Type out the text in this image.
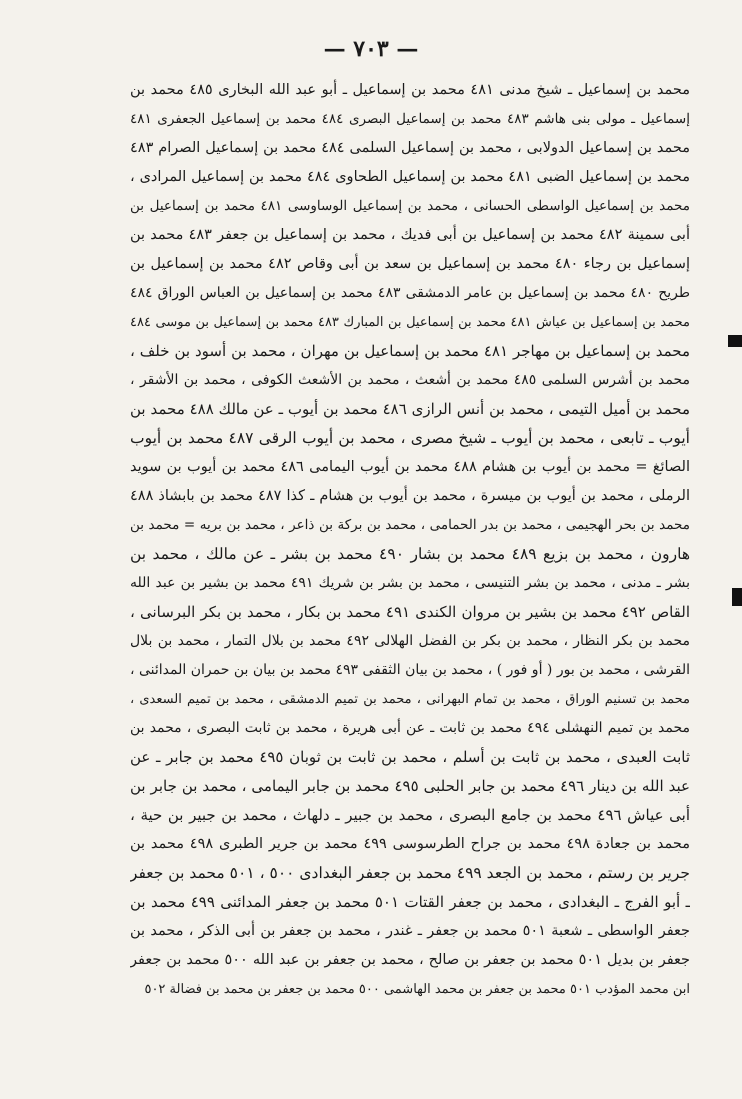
— ٧٠٣ —
محمد بن إسماعيل ـ شيخ مدنى ٤٨١ محمد بن إسماعيل ـ أبو عبد الله البخارى ٤٨٥ محمد بن
إسماعيل ـ مولى بنى هاشم ٤٨٣ محمد بن إسماعيل البصرى ٤٨٤ محمد بن إسماعيل الجعفرى ٤٨١
محمد بن إسماعيل الدولابى ، محمد بن إسماعيل السلمى ٤٨٤ محمد بن إسماعيل الصرام ٤٨٣
محمد بن إسماعيل الضبى ٤٨١ محمد بن إسماعيل الطحاوى ٤٨٤ محمد بن إسماعيل المرادى ،
محمد بن إسماعيل الواسطى الحسانى ، محمد بن إسماعيل الوساوسى ٤٨١ محمد بن إسماعيل بن
أبى سمينة ٤٨٢ محمد بن إسماعيل بن أبى فديك ، محمد بن إسماعيل بن جعفر ٤٨٣ محمد بن
إسماعيل بن رجاء ٤٨٠ محمد بن إسماعيل بن سعد بن أبى وقاص ٤٨٢ محمد بن إسماعيل بن
طريح ٤٨٠ محمد بن إسماعيل بن عامر الدمشقى ٤٨٣ محمد بن إسماعيل بن العباس الوراق ٤٨٤
محمد بن إسماعيل بن عياش ٤٨١ محمد بن إسماعيل بن المبارك ٤٨٣ محمد بن إسماعيل بن موسى ٤٨٤
محمد بن إسماعيل بن مهاجر ٤٨١ محمد بن إسماعيل بن مهران ، محمد بن أسود بن خلف ،
محمد بن أشرس السلمى ٤٨٥ محمد بن أشعث ، محمد بن الأشعث الكوفى ، محمد بن الأشقر ،
محمد بن أميل التيمى ، محمد بن أنس الرازى ٤٨٦ محمد بن أيوب ـ عن مالك ٤٨٨ محمد بن
أيوب ـ تابعى ، محمد بن أيوب ـ شيخ مصرى ، محمد بن أيوب الرقى ٤٨٧ محمد بن أيوب
الصائغ = محمد بن أيوب بن هشام ٤٨٨ محمد بن أيوب اليمامى ٤٨٦ محمد بن أيوب بن سويد
الرملى ، محمد بن أيوب بن ميسرة ، محمد بن أيوب بن هشام ـ كذا ٤٨٧ محمد بن بابشاذ ٤٨٨
محمد بن بحر الهجيمى ، محمد بن بدر الحمامى ، محمد بن بركة بن ذاعر ، محمد بن بريه = محمد بن
هارون ، محمد بن بزيع ٤٨٩ محمد بن بشار ٤٩٠ محمد بن بشر ـ عن مالك ، محمد بن
بشر ـ مدنى ، محمد بن بشر التنيسى ، محمد بن بشر بن شريك ٤٩١ محمد بن بشير بن عبد الله
القاص ٤٩٢ محمد بن بشير بن مروان الكندى ٤٩١ محمد بن بكار ، محمد بن بكر البرسانى ،
محمد بن بكر النظار ، محمد بن بكر بن الفضل الهلالى ٤٩٢ محمد بن بلال التمار ، محمد بن بلال
القرشى ، محمد بن بور ( أو فور ) ، محمد بن بيان الثقفى ٤٩٣ محمد بن بيان بن حمران المدائنى ،
محمد بن تسنيم الوراق ، محمد بن تمام البهرانى ، محمد بن تميم الدمشقى ، محمد بن تميم السعدى ،
محمد بن تميم النهشلى ٤٩٤ محمد بن ثابت ـ عن أبى هريرة ، محمد بن ثابت البصرى ، محمد بن
ثابت العبدى ، محمد بن ثابت بن أسلم ، محمد بن ثابت بن ثوبان ٤٩٥ محمد بن جابر ـ عن
عبد الله بن دينار ٤٩٦ محمد بن جابر الحلبى ٤٩٥ محمد بن جابر اليمامى ، محمد بن جابر بن
أبى عياش ٤٩٦ محمد بن جامع البصرى ، محمد بن جبير ـ دلهاث ، محمد بن جبير بن حية ،
محمد بن جعادة ٤٩٨ محمد بن جراح الطرسوسى ٤٩٩ محمد بن جرير الطبرى ٤٩٨ محمد بن
جرير بن رستم ، محمد بن الجعد ٤٩٩ محمد بن جعفر البغدادى ٥٠٠ ، ٥٠١ محمد بن جعفر
ـ أبو الفرج ـ البغدادى ، محمد بن جعفر القتات ٥٠١ محمد بن جعفر المدائنى ٤٩٩ محمد بن
جعفر الواسطى ـ شعبة ٥٠١ محمد بن جعفر ـ غندر ، محمد بن جعفر بن أبى الذكر ، محمد بن
جعفر بن بديل ٥٠١ محمد بن جعفر بن صالح ، محمد بن جعفر بن عبد الله ٥٠٠ محمد بن جعفر
ابن محمد المؤدب ٥٠١ محمد بن جعفر بن محمد الهاشمى ٥٠٠ محمد بن جعفر بن محمد بن فضالة ٥٠٢
